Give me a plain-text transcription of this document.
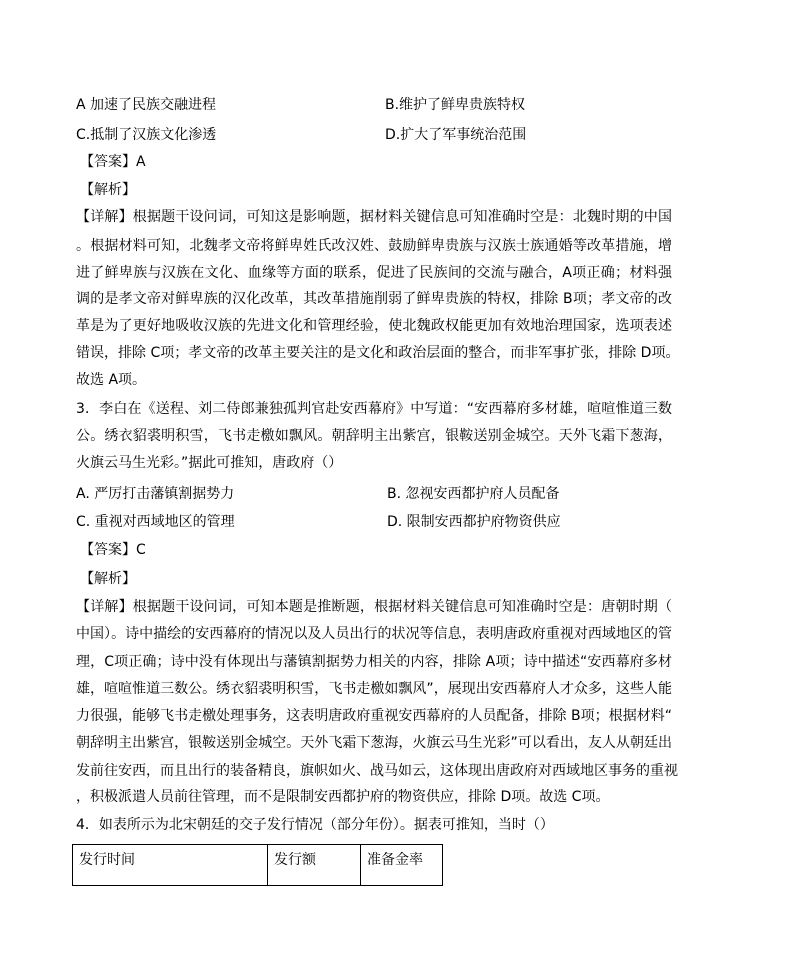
A 加速了民族交融进程	B.维护了鲜卑贵族特权
C.抵制了汉族文化渗透	D.扩大了军事统治范围
【答案】A
【解析】
【详解】根据题干设问词，可知这是影响题，据材料关键信息可知准确时空是：北魏时期的中国
。根据材料可知，北魏孝文帝将鲜卑姓氏改汉姓、鼓励鲜卑贵族与汉族士族通婚等改革措施，增
进了鲜卑族与汉族在文化、血缘等方面的联系，促进了民族间的交流与融合，A项正确；材料强
调的是孝文帝对鲜卑族的汉化改革，其改革措施削弱了鲜卑贵族的特权，排除 B项；孝文帝的改
革是为了更好地吸收汉族的先进文化和管理经验，使北魏政权能更加有效地治理国家，选项表述
错误，排除 C项；孝文帝的改革主要关注的是文化和政治层面的整合，而非军事扩张，排除 D项。
故选 A项。
3．李白在《送程、刘二侍郎兼独孤判官赴安西幕府》中写道：“安西幕府多材雄，喧喧惟道三数
公。绣衣貂裘明积雪，飞书走檄如飘风。朝辞明主出紫宫，银鞍送别金城空。天外飞霜下葱海，
火旗云马生光彩。”据此可推知，唐政府（）
A. 严厉打击藩镇割据势力	B. 忽视安西都护府人员配备
C. 重视对西域地区的管理	D. 限制安西都护府物资供应
【答案】C
【解析】
【详解】根据题干设问词，可知本题是推断题，根据材料关键信息可知准确时空是：唐朝时期（
中国）。诗中描绘的安西幕府的情况以及人员出行的状况等信息，表明唐政府重视对西域地区的管
理，C项正确；诗中没有体现出与藩镇割据势力相关的内容，排除 A项；诗中描述“安西幕府多材
雄，喧喧惟道三数公。绣衣貂裘明积雪，飞书走檄如飘风”，展现出安西幕府人才众多，这些人能
力很强，能够飞书走檄处理事务，这表明唐政府重视安西幕府的人员配备，排除 B项；根据材料“
朝辞明主出紫宫，银鞍送别金城空。天外飞霜下葱海，火旗云马生光彩”可以看出，友人从朝廷出
发前往安西，而且出行的装备精良，旗帜如火、战马如云，这体现出唐政府对西域地区事务的重视
，积极派遣人员前往管理，而不是限制安西都护府的物资供应，排除 D项。故选 C项。
4．如表所示为北宋朝廷的交子发行情况（部分年份）。据表可推知，当时（）
发行时间	发行额	准备金率
